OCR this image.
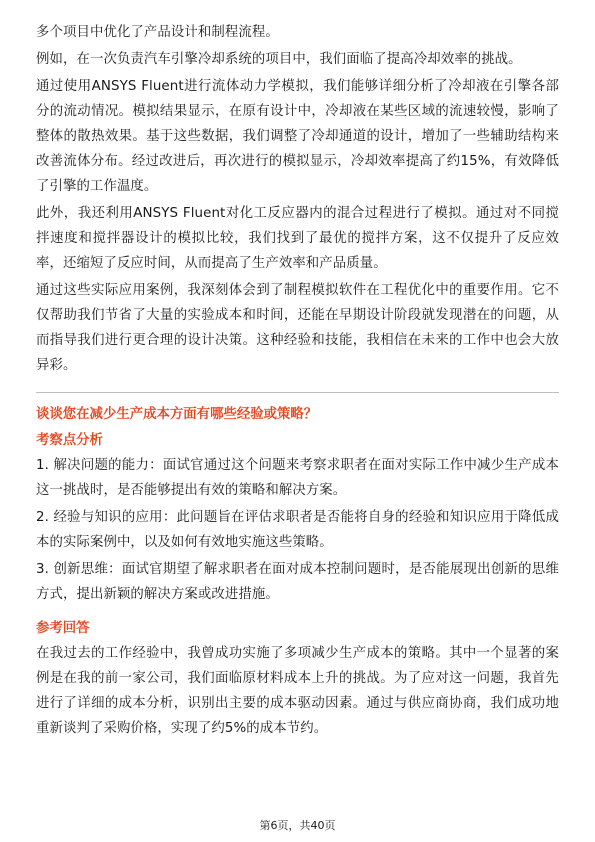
多个项目中优化了产品设计和制程流程。

例如，在一次负责汽车引擎冷却系统的项目中，我们面临了提高冷却效率的挑战。

通过使用ANSYS Fluent进行流体动力学模拟，我们能够详细分析了冷却液在引擎各部分的流动情况。模拟结果显示，在原有设计中，冷却液在某些区域的流速较慢，影响了整体的散热效果。基于这些数据，我们调整了冷却通道的设计，增加了一些辅助结构来改善流体分布。经过改进后，再次进行的模拟显示，冷却效率提高了约15%，有效降低了引擎的工作温度。

此外，我还利用ANSYS Fluent对化工反应器内的混合过程进行了模拟。通过对不同搅拌速度和搅拌器设计的模拟比较，我们找到了最优的搅拌方案，这不仅提升了反应效率，还缩短了反应时间，从而提高了生产效率和产品质量。

通过这些实际应用案例，我深刻体会到了制程模拟软件在工程优化中的重要作用。它不仅帮助我们节省了大量的实验成本和时间，还能在早期设计阶段就发现潜在的问题，从而指导我们进行更合理的设计决策。这种经验和技能，我相信在未来的工作中也会大放异彩。

谈谈您在减少生产成本方面有哪些经验或策略？
考察点分析

1. 解决问题的能力：面试官通过这个问题来考察求职者在面对实际工作中减少生产成本这一挑战时，是否能够提出有效的策略和解决方案。

2. 经验与知识的应用：此问题旨在评估求职者是否能将自身的经验和知识应用于降低成本的实际案例中，以及如何有效地实施这些策略。

3. 创新思维：面试官期望了解求职者在面对成本控制问题时，是否能展现出创新的思维方式，提出新颖的解决方案或改进措施。

参考回答

在我过去的工作经验中，我曾成功实施了多项减少生产成本的策略。其中一个显著的案例是在我的前一家公司，我们面临原材料成本上升的挑战。为了应对这一问题，我首先进行了详细的成本分析，识别出主要的成本驱动因素。通过与供应商协商，我们成功地重新谈判了采购价格，实现了约5%的成本节约。

第6页，共40页
